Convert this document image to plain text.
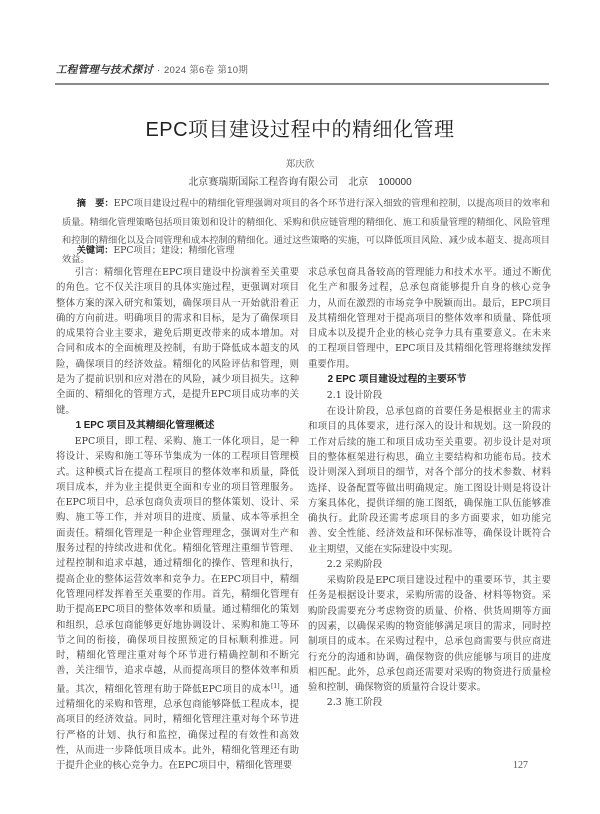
工程管理与技术探讨 · 2024 第6卷 第10期
EPC项目建设过程中的精细化管理
郑庆欣
北京赛瑞斯国际工程咨询有限公司　北京　100000
摘　要：EPC项目建设过程中的精细化管理强调对项目的各个环节进行深入细致的管理和控制，以提高项目的效率和质量。精细化管理策略包括项目策划和设计的精细化、采购和供应链管理的精细化、施工和质量管理的精细化、风险管理和控制的精细化以及合同管理和成本控制的精细化。通过这些策略的实施，可以降低项目风险、减少成本超支、提高项目效益。
关键词：EPC项目；建设；精细化管理

引言：精细化管理在EPC项目建设中扮演着至关重要的角色。它不仅关注项目的具体实施过程，更强调对项目整体方案的深入研究和策划，确保项目从一开始就沿着正确的方向前进。明确项目的需求和目标，是为了确保项目的成果符合业主要求，避免后期更改带来的成本增加。对合同和成本的全面梳理及控制，有助于降低成本超支的风险，确保项目的经济效益。精细化的风险评估和管理，则是为了提前识别和应对潜在的风险，减少项目损失。这种全面的、精细化的管理方式，是提升EPC项目成功率的关键。

1 EPC 项目及其精细化管理概述

EPC项目，即工程、采购、施工一体化项目，是一种将设计、采购和施工等环节集成为一体的工程项目管理模式。这种模式旨在提高工程项目的整体效率和质量，降低项目成本，并为业主提供更全面和专业的项目管理服务。在EPC项目中，总承包商负责项目的整体策划、设计、采购、施工等工作，并对项目的进度、质量、成本等承担全面责任。精细化管理是一种企业管理理念，强调对生产和服务过程的持续改进和优化。精细化管理注重细节管理、过程控制和追求卓越，通过精细化的操作、管理和执行，提高企业的整体运营效率和竞争力。在EPC项目中，精细化管理同样发挥着至关重要的作用。首先，精细化管理有助于提高EPC项目的整体效率和质量。通过精细化的策划和组织，总承包商能够更好地协调设计、采购和施工等环节之间的衔接，确保项目按照预定的目标顺利推进。同时，精细化管理注重对每个环节进行精确控制和不断完善，关注细节，追求卓越，从而提高项目的整体效率和质量。其次，精细化管理有助于降低EPC项目的成本[1]。通过精细化的采购和管理，总承包商能够降低工程成本，提高项目的经济效益。同时，精细化管理注重对每个环节进行严格的计划、执行和监控，确保过程的有效性和高效性，从而进一步降低项目成本。此外，精细化管理还有助于提升企业的核心竞争力。在EPC项目中，精细化管理要

求总承包商具备较高的管理能力和技术水平。通过不断优化生产和服务过程，总承包商能够提升自身的核心竞争力，从而在激烈的市场竞争中脱颖而出。最后，EPC项目及其精细化管理对于提高项目的整体效率和质量、降低项目成本以及提升企业的核心竞争力具有重要意义。在未来的工程项目管理中，EPC项目及其精细化管理将继续发挥重要作用。

2 EPC 项目建设过程的主要环节
2.1 设计阶段

在设计阶段，总承包商的首要任务是根据业主的需求和项目的具体要求，进行深入的设计和规划。这一阶段的工作对后续的施工和项目成功至关重要。初步设计是对项目的整体框架进行构思，确立主要结构和功能布局。技术设计则深入到项目的细节，对各个部分的技术参数、材料选择、设备配置等做出明确规定。施工图设计则是将设计方案具体化，提供详细的施工图纸，确保施工队伍能够准确执行。此阶段还需考虑项目的多方面要求，如功能完善、安全性能、经济效益和环保标准等，确保设计既符合业主期望，又能在实际建设中实现。

2.2 采购阶段

采购阶段是EPC项目建设过程中的重要环节，其主要任务是根据设计要求，采购所需的设备、材料等物资。采购阶段需要充分考虑物资的质量、价格、供货周期等方面的因素，以确保采购的物资能够满足项目的需求，同时控制项目的成本。在采购过程中，总承包商需要与供应商进行充分的沟通和协调，确保物资的供应能够与项目的进度相匹配。此外，总承包商还需要对采购的物资进行质量检验和控制，确保物资的质量符合设计要求。

2.3 施工阶段
127
